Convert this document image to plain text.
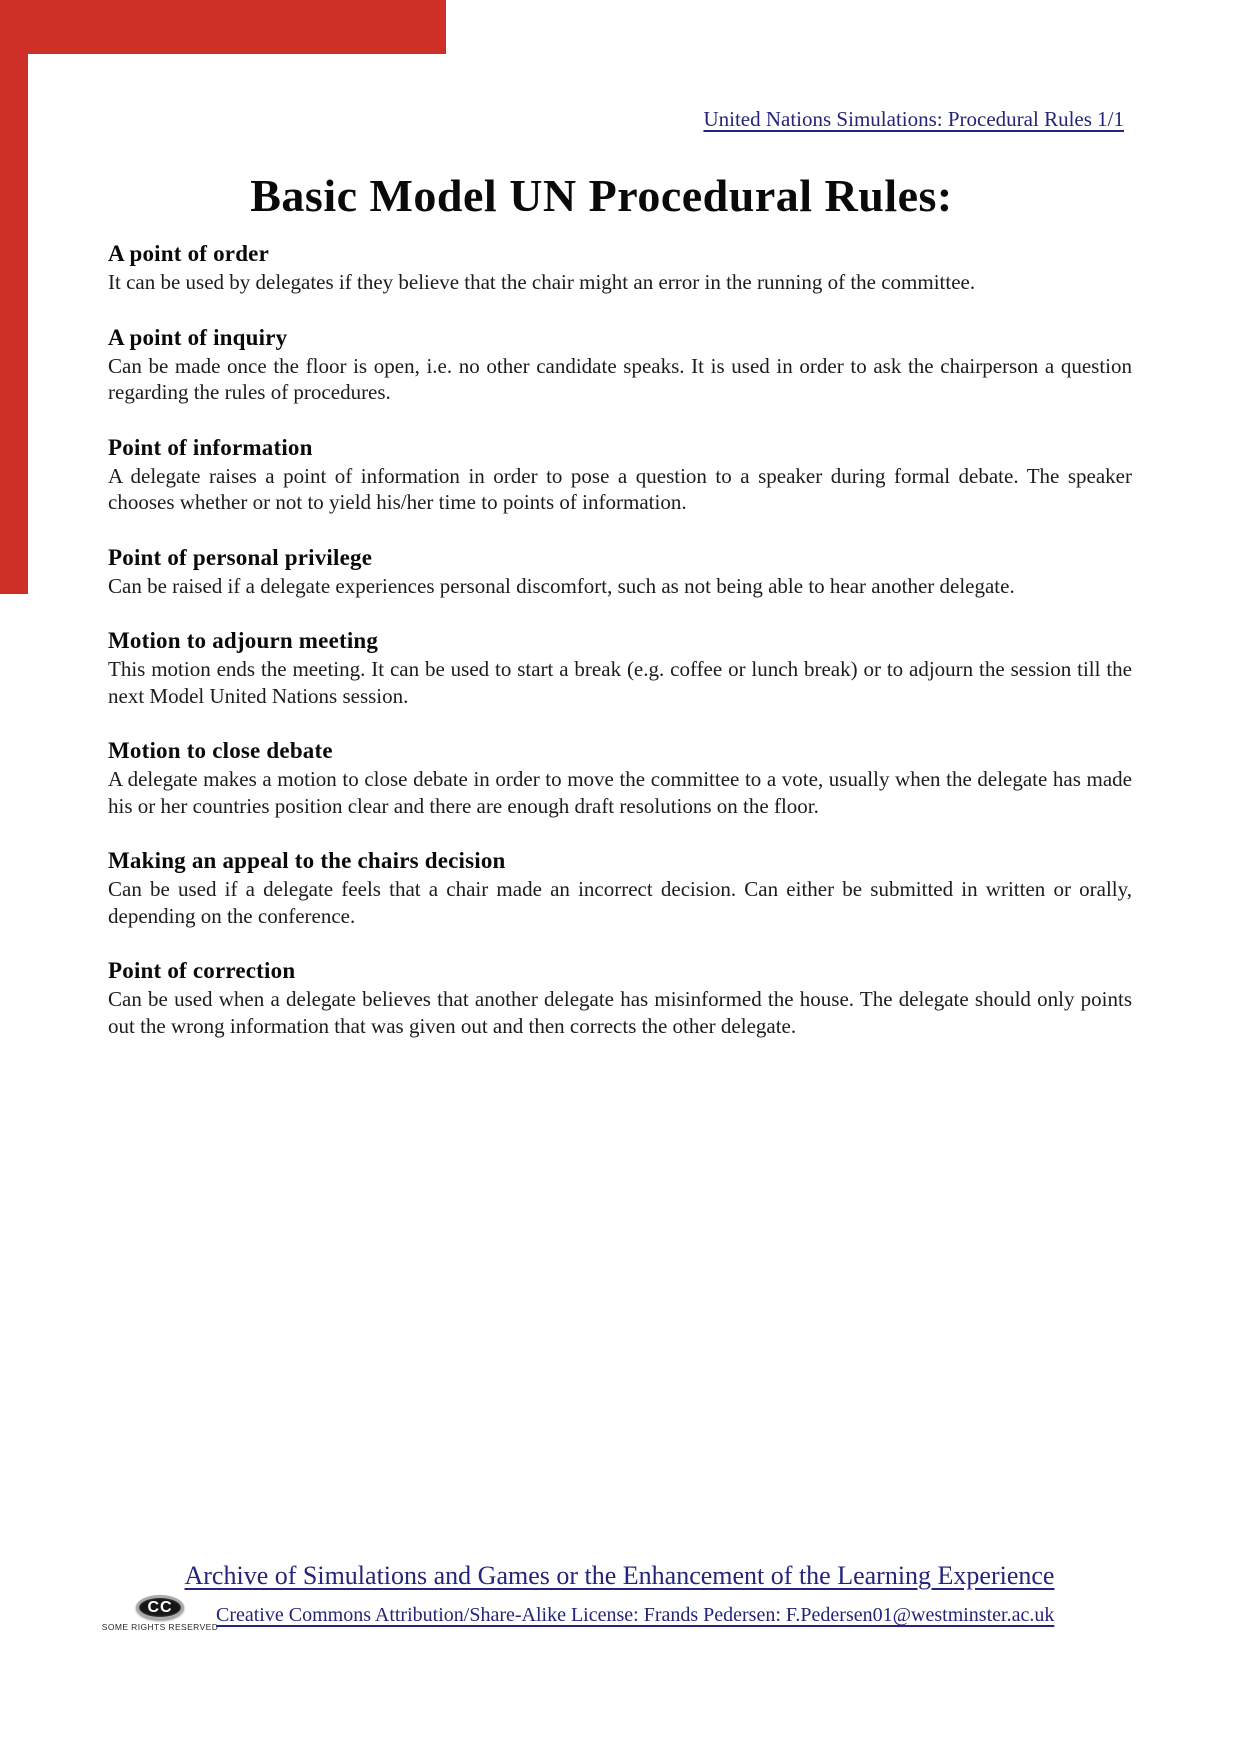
United Nations Simulations: Procedural Rules 1/1
Basic Model UN Procedural Rules:
A point of order

It can be used by delegates if they believe that the chair might an error in the running of the committee.

A point of inquiry

Can be made once the floor is open, i.e. no other candidate speaks. It is used in order to ask the chairperson a question regarding the rules of procedures.

Point of information

A delegate raises a point of information in order to pose a question to a speaker during formal debate. The speaker chooses whether or not to yield his/her time to points of information.

Point of personal privilege

Can be raised if a delegate experiences personal discomfort, such as not being able to hear another delegate.

Motion to adjourn meeting

This motion ends the meeting. It can be used to start a break (e.g. coffee or lunch break) or to adjourn the session till the next Model United Nations session.

Motion to close debate

A delegate makes a motion to close debate in order to move the committee to a vote, usually when the delegate has made his or her countries position clear and there are enough draft resolutions on the floor.

Making an appeal to the chairs decision

Can be used if a delegate feels that a chair made an incorrect decision. Can either be submitted in written or orally, depending on the conference.

Point of correction

Can be used when a delegate believes that another delegate has misinformed the house. The delegate should only points out the wrong information that was given out and then corrects the other delegate.

Archive of Simulations and Games or the Enhancement of the Learning Experience
CC
SOME RIGHTS RESERVED
Creative Commons Attribution/Share-Alike License: Frands Pedersen: F.Pedersen01@westminster.ac.uk
